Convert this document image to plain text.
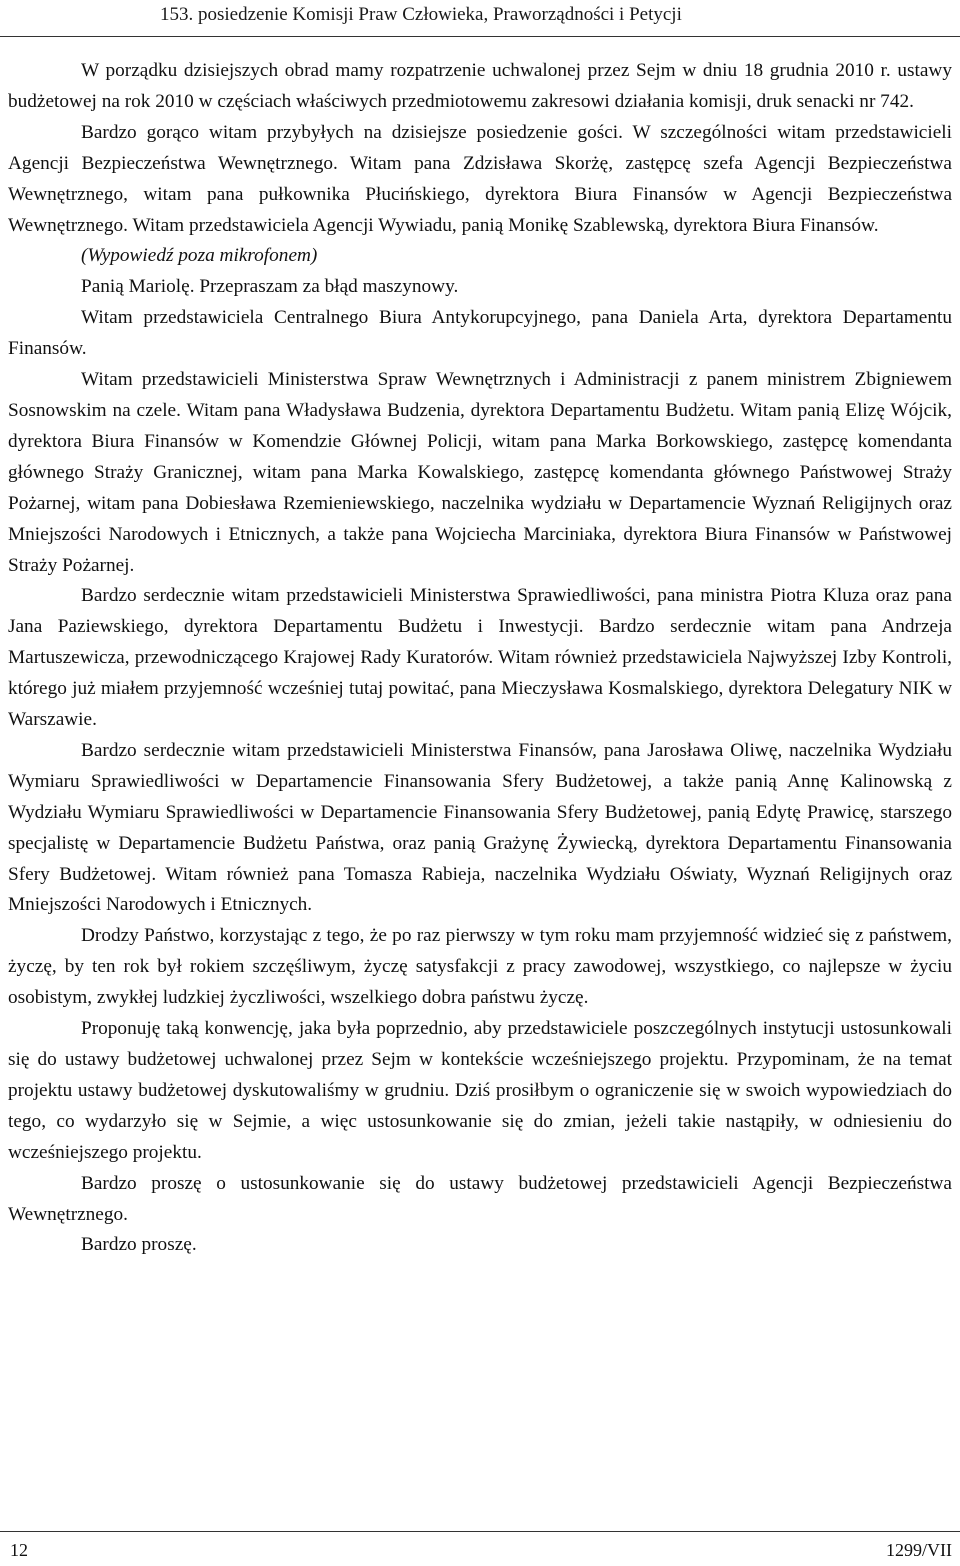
153. posiedzenie Komisji Praw Człowieka, Praworządności i Petycji

W porządku dzisiejszych obrad mamy rozpatrzenie uchwalonej przez Sejm w dniu 18 grudnia 2010 r. ustawy budżetowej na rok 2010 w częściach właściwych przedmiotowemu zakresowi działania komisji, druk senacki nr 742.

Bardzo gorąco witam przybyłych na dzisiejsze posiedzenie gości. W szczególności witam przedstawicieli Agencji Bezpieczeństwa Wewnętrznego. Witam pana Zdzisława Skorżę, zastępcę szefa Agencji Bezpieczeństwa Wewnętrznego, witam pana pułkownika Płucińskiego, dyrektora Biura Finansów w Agencji Bezpieczeństwa Wewnętrznego. Witam przedstawiciela Agencji Wywiadu, panią Monikę Szablewską, dyrektora Biura Finansów.

(Wypowiedź poza mikrofonem)

Panią Mariolę. Przepraszam za błąd maszynowy.

Witam przedstawiciela Centralnego Biura Antykorupcyjnego, pana Daniela Arta, dyrektora Departamentu Finansów.

Witam przedstawicieli Ministerstwa Spraw Wewnętrznych i Administracji z panem ministrem Zbigniewem Sosnowskim na czele. Witam pana Władysława Budzenia, dyrektora Departamentu Budżetu. Witam panią Elizę Wójcik, dyrektora Biura Finansów w Komendzie Głównej Policji, witam pana Marka Borkowskiego, zastępcę komendanta głównego Straży Granicznej, witam pana Marka Kowalskiego, zastępcę komendanta głównego Państwowej Straży Pożarnej, witam pana Dobiesława Rzemieniewskiego, naczelnika wydziału w Departamencie Wyznań Religijnych oraz Mniejszości Narodowych i Etnicznych, a także pana Wojciecha Marciniaka, dyrektora Biura Finansów w Państwowej Straży Pożarnej.

Bardzo serdecznie witam przedstawicieli Ministerstwa Sprawiedliwości, pana ministra Piotra Kluza oraz pana Jana Paziewskiego, dyrektora Departamentu Budżetu i Inwestycji. Bardzo serdecznie witam pana Andrzeja Martuszewicza, przewodniczącego Krajowej Rady Kuratorów. Witam również przedstawiciela Najwyższej Izby Kontroli, którego już miałem przyjemność wcześniej tutaj powitać, pana Mieczysława Kosmalskiego, dyrektora Delegatury NIK w Warszawie.

Bardzo serdecznie witam przedstawicieli Ministerstwa Finansów, pana Jarosława Oliwę, naczelnika Wydziału Wymiaru Sprawiedliwości w Departamencie Finansowania Sfery Budżetowej, a także panią Annę Kalinowską z Wydziału Wymiaru Sprawiedliwości w Departamencie Finansowania Sfery Budżetowej, panią Edytę Prawicę, starszego specjalistę w Departamencie Budżetu Państwa, oraz panią Grażynę Żywiecką, dyrektora Departamentu Finansowania Sfery Budżetowej. Witam również pana Tomasza Rabieja, naczelnika Wydziału Oświaty, Wyznań Religijnych oraz Mniejszości Narodowych i Etnicznych.

Drodzy Państwo, korzystając z tego, że po raz pierwszy w tym roku mam przyjemność widzieć się z państwem, życzę, by ten rok był rokiem szczęśliwym, życzę satysfakcji z pracy zawodowej, wszystkiego, co najlepsze w życiu osobistym, zwykłej ludzkiej życzliwości, wszelkiego dobra państwu życzę.

Proponuję taką konwencję, jaka była poprzednio, aby przedstawiciele poszczególnych instytucji ustosunkowali się do ustawy budżetowej uchwalonej przez Sejm w kontekście wcześniejszego projektu. Przypominam, że na temat projektu ustawy budżetowej dyskutowaliśmy w grudniu. Dziś prosiłbym o ograniczenie się w swoich wypowiedziach do tego, co wydarzyło się w Sejmie, a więc ustosunkowanie się do zmian, jeżeli takie nastąpiły, w odniesieniu do wcześniejszego projektu.

Bardzo proszę o ustosunkowanie się do ustawy budżetowej przedstawicieli Agencji Bezpieczeństwa Wewnętrznego.

Bardzo proszę.

12	1299/VII
